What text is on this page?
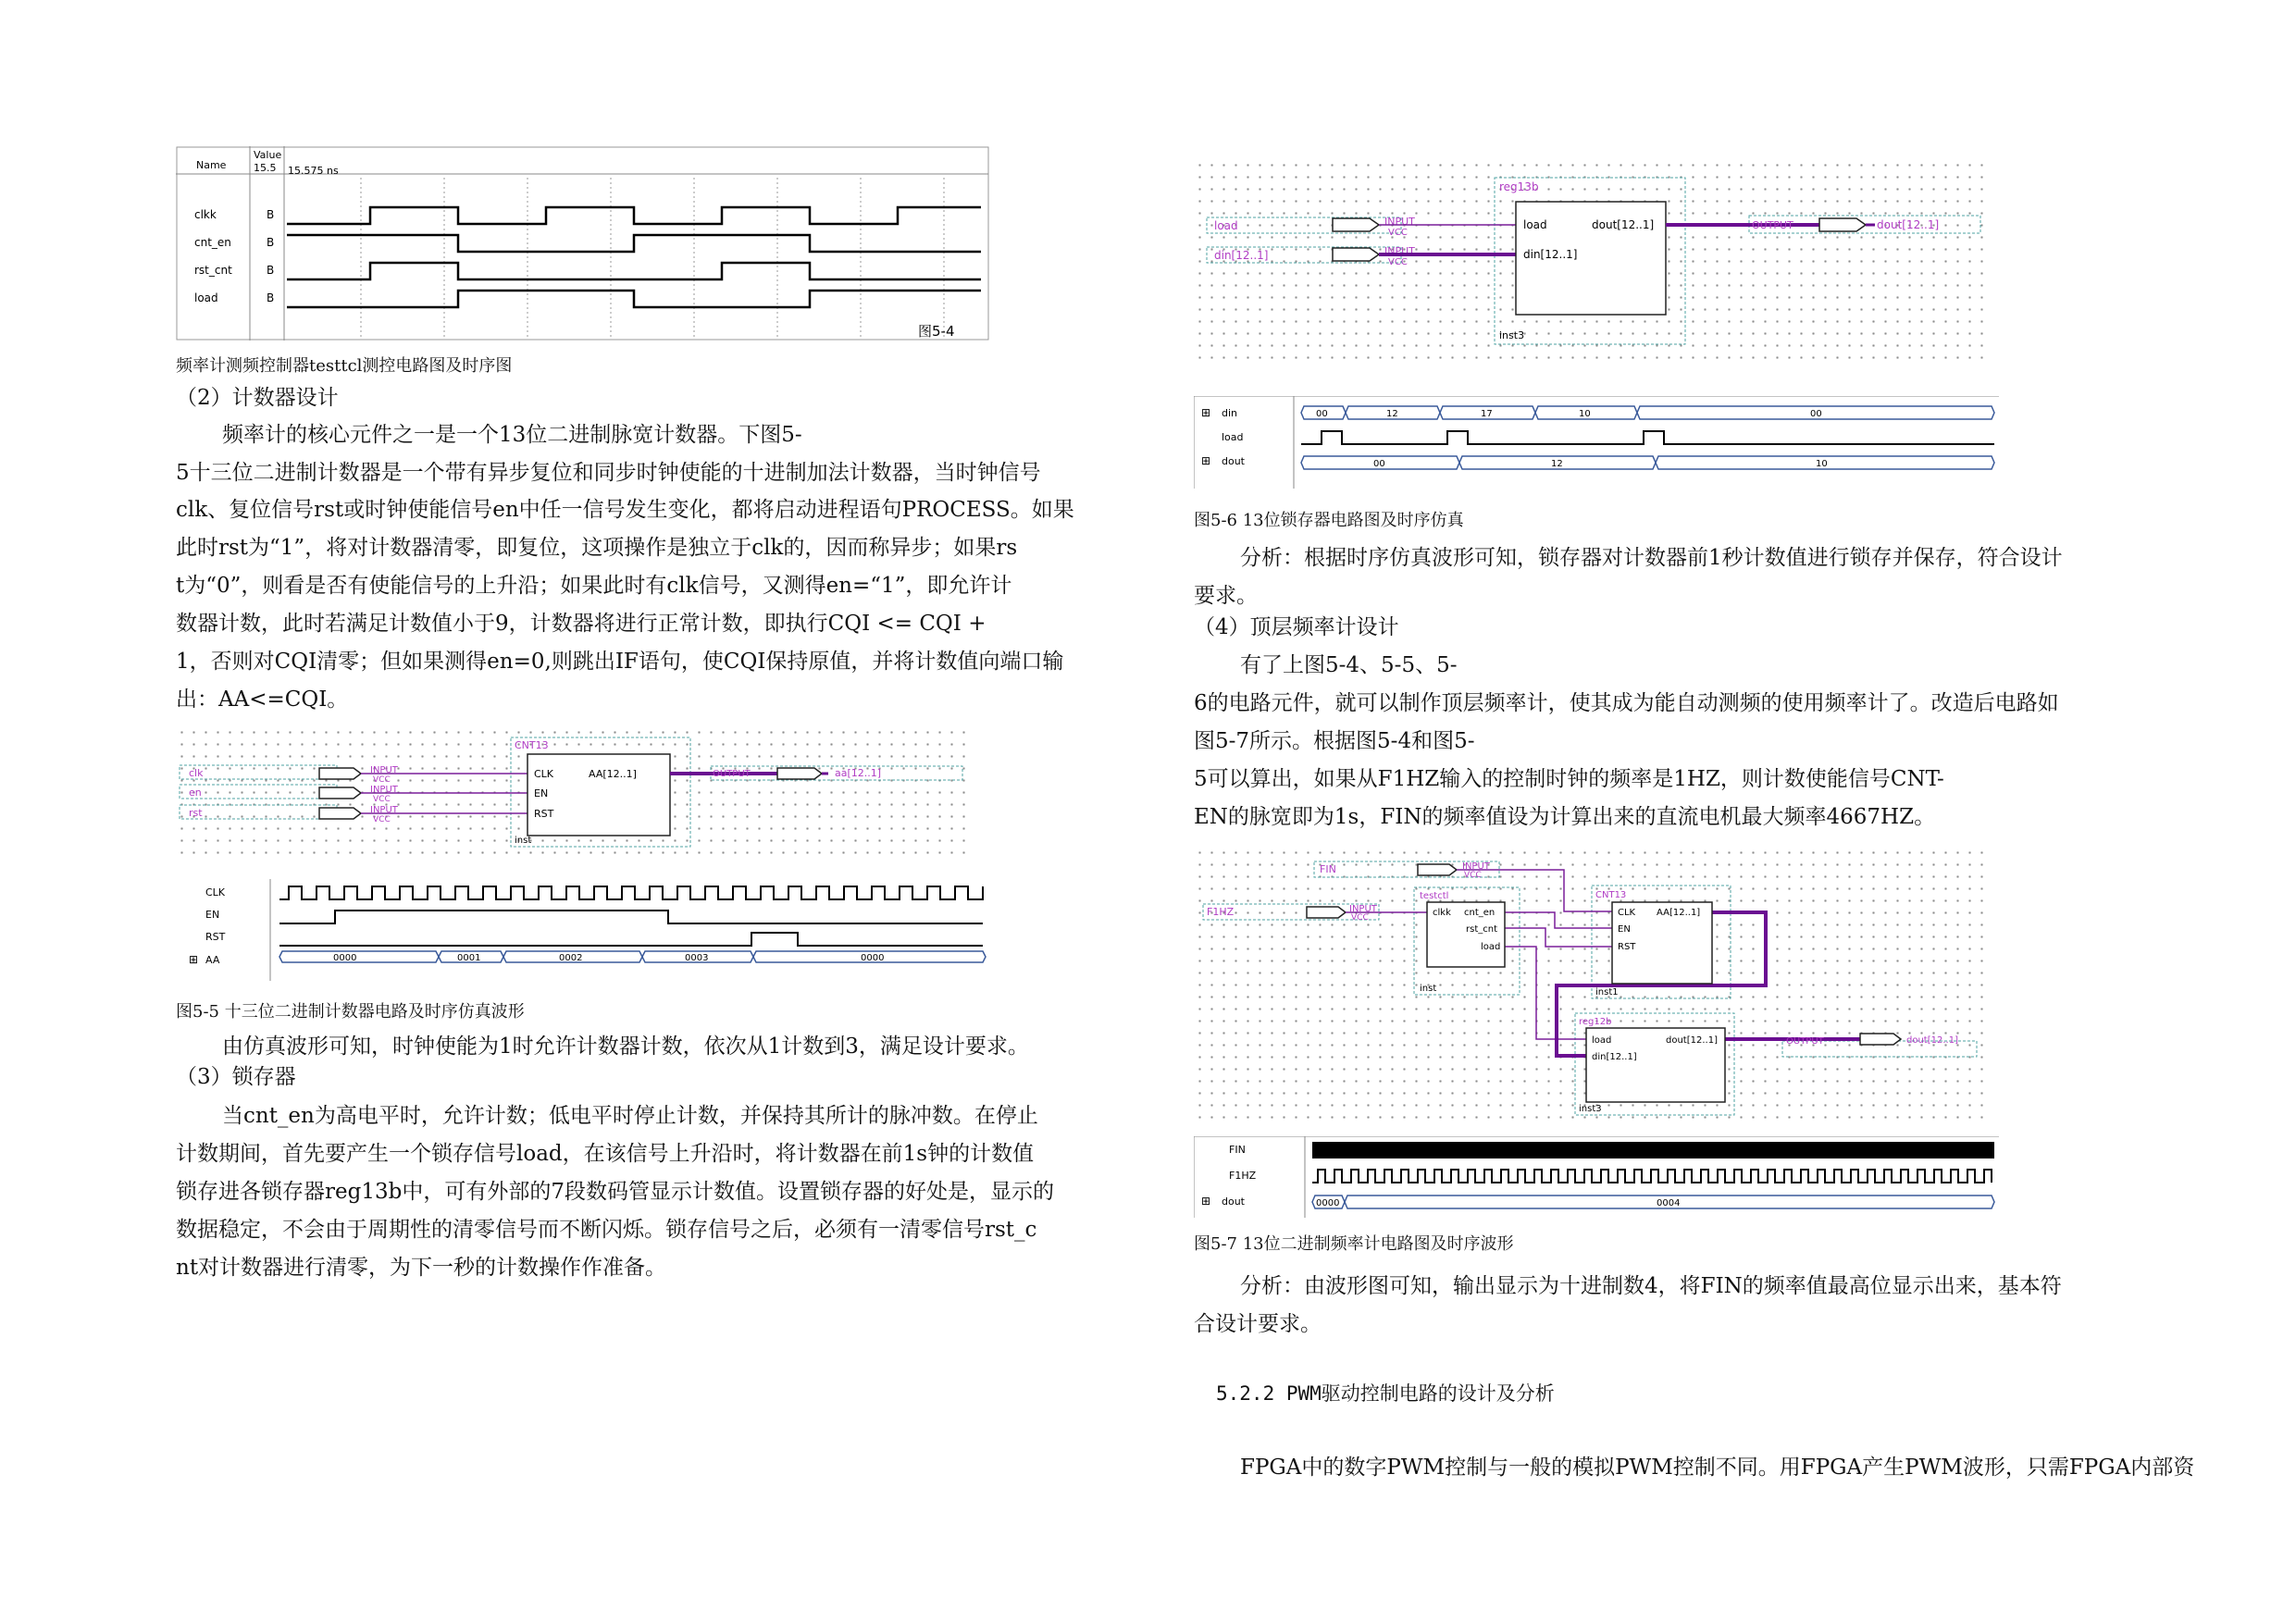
Name
Value
15.5 15.575 ns
clkk
cnt_en
rst_cnt
load
B
B
B
B
图5-4
频率计测频控制器testtcl测控电路图及时序图
（2）计数器设计
频率计的核心元件之一是一个13位二进制脉宽计数器。下图5-
5十三位二进制计数器是一个带有异步复位和同步时钟使能的十进制加法计数器，当时钟信号
clk、复位信号rst或时钟使能信号en中任一信号发生变化，都将启动进程语句PROCESS。如果
此时rst为“1”，将对计数器清零，即复位，这项操作是独立于clk的，因而称异步；如果rs
t为“0”，则看是否有使能信号的上升沿；如果此时有clk信号，又测得en=“1”，即允许计
数器计数，此时若满足计数值小于9，计数器将进行正常计数，即执行CQI <= CQI +
1，否则对CQI清零；但如果测得en=0,则跳出IF语句，使CQI保持原值，并将计数值向端口输
出：AA<=CQI。
clk
en
rst
INPUT
VCC
INPUT
VCC
INPUT
VCC
CNT13
CLK
EN
RST
AA[12..1]
inst
OUTPUT	aa[12..1]
CLK
EN
RST
⊞ AA	0000	0001	0002	0003	0000
图5-5 十三位二进制计数器电路及时序仿真波形
由仿真波形可知，时钟使能为1时允许计数器计数，依次从1计数到3，满足设计要求。
（3）锁存器
当cnt_en为高电平时，允许计数；低电平时停止计数，并保持其所计的脉冲数。在停止
计数期间，首先要产生一个锁存信号load，在该信号上升沿时，将计数器在前1s钟的计数值
锁存进各锁存器reg13b中，可有外部的7段数码管显示计数值。设置锁存器的好处是，显示的
数据稳定，不会由于周期性的清零信号而不断闪烁。锁存信号之后，必须有一清零信号rst_c
nt对计数器进行清零，为下一秒的计数操作作准备。
load
din[12..1]
INPUT
VCC
INPUT
VCC
reg13b
load
din[12..1]
dout[12..1]
inst3
OUTPUT	dout[12..1]
⊞ din
load
⊞ dout
00	12	17	10	00
00	12	10
图5-6 13位锁存器电路图及时序仿真
分析：根据时序仿真波形可知，锁存器对计数器前1秒计数值进行锁存并保存，符合设计
要求。
（4）顶层频率计设计
有了上图5-4、5-5、5-
6的电路元件，就可以制作顶层频率计，使其成为能自动测频的使用频率计了。改造后电路如
图5-7所示。根据图5-4和图5-
5可以算出，如果从F1HZ输入的控制时钟的频率是1HZ，则计数使能信号CNT-
EN的脉宽即为1s，FIN的频率值设为计算出来的直流电机最大频率4667HZ。
FIN
F1HZ
INPUT
VCC
INPUT
VCC
testctl
clkk cnt_en
rst_cnt
load
inst
CNT13
CLK
EN
RST
AA[12..1]
inst1
reg12b
load
din[12..1]
dout[12..1]
inst3
OUTPUT	dout[12..1]
FIN
F1HZ
⊞ dout	0000	0004
图5-7 13位二进制频率计电路图及时序波形
分析：由波形图可知，输出显示为十进制数4，将FIN的频率值最高位显示出来，基本符
合设计要求。
5.2.2 PWM驱动控制电路的设计及分析
FPGA中的数字PWM控制与一般的模拟PWM控制不同。用FPGA产生PWM波形，只需FPGA内部资
